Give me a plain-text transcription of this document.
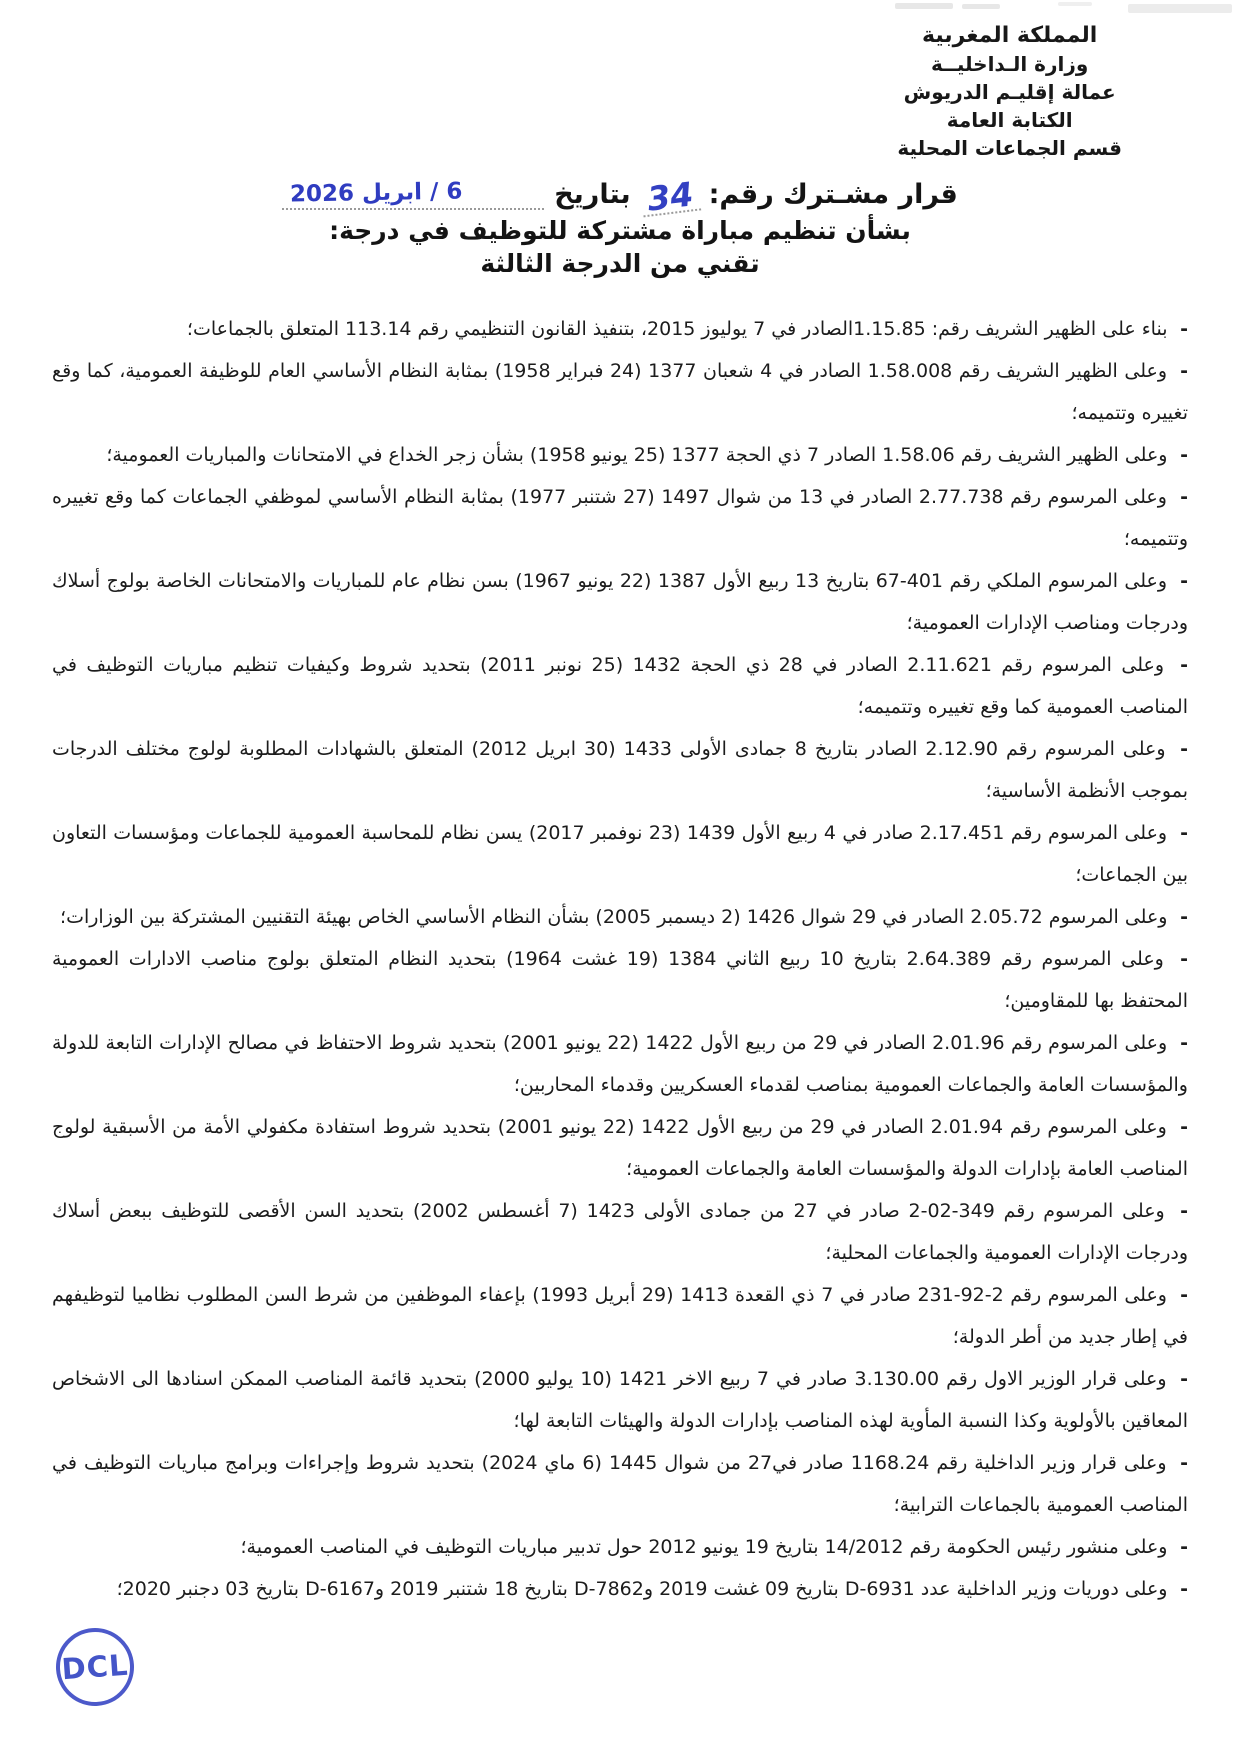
المملكة المغربية
وزارة الـداخليــة
عمالة إقليـم الدريوش
الكتابة العامة
قسم الجماعات المحلية
قرار مشـترك رقم:
34
بتاريخ
6 / ابريل 2026
بشأن تنظيم مباراة مشتركة للتوظيف في درجة:
تقني من الدرجة الثالثة

- بناء على الظهير الشريف رقم: 1.15.85الصادر في 7 يوليوز 2015، بتنفيذ القانون التنظيمي رقم 113.14 المتعلق بالجماعات؛

- وعلى الظهير الشريف رقم 1.58.008 الصادر في 4 شعبان 1377 (24 فبراير 1958) بمثابة النظام الأساسي العام للوظيفة العمومية، كما وقع تغييره وتتميمه؛

- وعلى الظهير الشريف رقم 1.58.06 الصادر 7 ذي الحجة 1377 (25 يونيو 1958) بشأن زجر الخداع في الامتحانات والمباريات العمومية؛

- وعلى المرسوم رقم 2.77.738 الصادر في 13 من شوال 1497 (27 شتنبر 1977) بمثابة النظام الأساسي لموظفي الجماعات كما وقع تغييره وتتميمه؛

- وعلى المرسوم الملكي رقم 401-67 بتاريخ 13 ربيع الأول 1387 (22 يونيو 1967) بسن نظام عام للمباريات والامتحانات الخاصة بولوج أسلاك ودرجات ومناصب الإدارات العمومية؛

- وعلى المرسوم رقم 2.11.621 الصادر في 28 ذي الحجة 1432 (25 نونبر 2011) بتحديد شروط وكيفيات تنظيم مباريات التوظيف في المناصب العمومية كما وقع تغييره وتتميمه؛

- وعلى المرسوم رقم 2.12.90 الصادر بتاريخ 8 جمادى الأولى 1433 (30 ابريل 2012) المتعلق بالشهادات المطلوبة لولوج مختلف الدرجات بموجب الأنظمة الأساسية؛

- وعلى المرسوم رقم 2.17.451 صادر في 4 ربيع الأول 1439 (23 نوفمبر 2017) يسن نظام للمحاسبة العمومية للجماعات ومؤسسات التعاون بين الجماعات؛

- وعلى المرسوم 2.05.72 الصادر في 29 شوال 1426 (2 ديسمبر 2005) بشأن النظام الأساسي الخاص بهيئة التقنيين المشتركة بين الوزارات؛

- وعلى المرسوم رقم 2.64.389 بتاريخ 10 ربيع الثاني 1384 (19 غشت 1964) بتحديد النظام المتعلق بولوج مناصب الادارات العمومية المحتفظ بها للمقاومين؛

- وعلى المرسوم رقم 2.01.96 الصادر في 29 من ربيع الأول 1422 (22 يونيو 2001) بتحديد شروط الاحتفاظ في مصالح الإدارات التابعة للدولة والمؤسسات العامة والجماعات العمومية بمناصب لقدماء العسكريين وقدماء المحاربين؛

- وعلى المرسوم رقم 2.01.94 الصادر في 29 من ربيع الأول 1422 (22 يونيو 2001) بتحديد شروط استفادة مكفولي الأمة من الأسبقية لولوج المناصب العامة بإدارات الدولة والمؤسسات العامة والجماعات العمومية؛

- وعلى المرسوم رقم 349-02-2 صادر في 27 من جمادى الأولى 1423 (7 أغسطس 2002) بتحديد السن الأقصى للتوظيف ببعض أسلاك ودرجات الإدارات العمومية والجماعات المحلية؛

- وعلى المرسوم رقم 2-92-231 صادر في 7 ذي القعدة 1413 (29 أبريل 1993) بإعفاء الموظفين من شرط السن المطلوب نظاميا لتوظيفهم في إطار جديد من أطر الدولة؛

- وعلى قرار الوزير الاول رقم 3.130.00 صادر في 7 ربيع الاخر 1421 (10 يوليو 2000) بتحديد قائمة المناصب الممكن اسنادها الى الاشخاص المعاقين بالأولوية وكذا النسبة المأوية لهذه المناصب بإدارات الدولة والهيئات التابعة لها؛

- وعلى قرار وزير الداخلية رقم 1168.24 صادر في27 من شوال 1445 (6 ماي 2024) بتحديد شروط وإجراءات وبرامج مباريات التوظيف في المناصب العمومية بالجماعات الترابية؛

- وعلى منشور رئيس الحكومة رقم 14/2012 بتاريخ 19 يونيو 2012 حول تدبير مباريات التوظيف في المناصب العمومية؛

- وعلى دوريات وزير الداخلية عدد D-6931 بتاريخ 09 غشت 2019 وD-7862 بتاريخ 18 شتنبر 2019 وD-6167 بتاريخ 03 دجنبر 2020؛

DCL
